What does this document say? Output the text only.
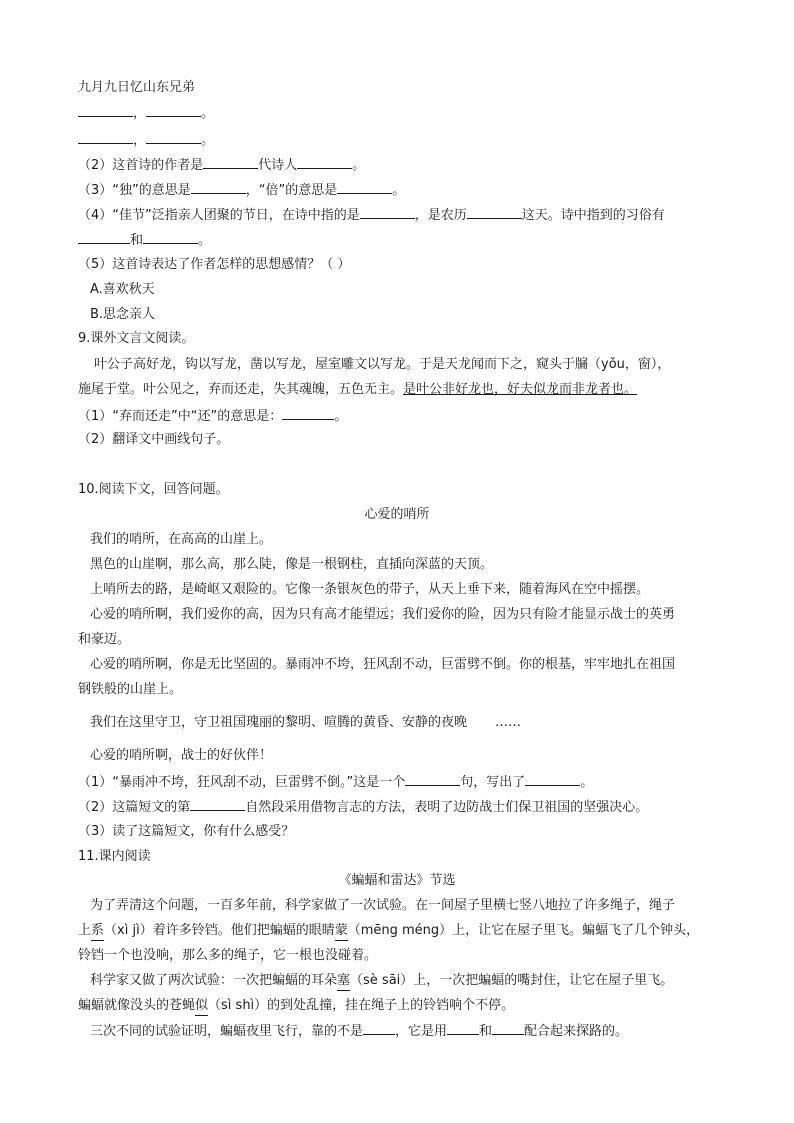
九月九日忆山东兄弟
，	。
，	。
（2）这首诗的作者是	代诗人	。
（3）“独”的意思是	，“倍”的意思是	。
（4）“佳节”泛指亲人团聚的节日，在诗中指的是	，是农历	这天。诗中指到的习俗有
和	。
（5）这首诗表达了作者怎样的思想感情？（ ）
A.喜欢秋天
B.思念亲人
9.课外文言文阅读。
叶公子高好龙，钩以写龙，凿以写龙，屋室雕文以写龙。于是天龙闻而下之，窥头于牖（yǒu，窗），
施尾于堂。叶公见之，弃而还走，失其魂魄，五色无主。是叶公非好龙也，好夫似龙而非龙者也。
（1）“弃而还走”中“还”的意思是：	。
（2）翻译文中画线句子。
10.阅读下文，回答问题。
心爱的哨所
我们的哨所，在高高的山崖上。
黑色的山崖啊，那么高，那么陡，像是一根钢柱，直插向深蓝的天顶。
上哨所去的路，是崎岖又艰险的。它像一条银灰色的带子，从天上垂下来，随着海风在空中摇摆。
心爱的哨所啊，我们爱你的高，因为只有高才能望远；我们爱你的险，因为只有险才能显示战士的英勇
和豪迈。
心爱的哨所啊，你是无比坚固的。暴雨冲不垮，狂风刮不动，巨雷劈不倒。你的根基，牢牢地扎在祖国
钢铁般的山崖上。
我们在这里守卫，守卫祖国瑰丽的黎明、喧腾的黄昏、安静的夜晚 ……
心爱的哨所啊，战士的好伙伴！
（1）“暴雨冲不垮，狂风刮不动，巨雷劈不倒。”这是一个	句，写出了	。
（2）这篇短文的第	自然段采用借物言志的方法，表明了边防战士们保卫祖国的坚强决心。
（3）读了这篇短文，你有什么感受？
11.课内阅读
《蝙蝠和雷达》节选
为了弄清这个问题，一百多年前，科学家做了一次试验。在一间屋子里横七竖八地拉了许多绳子，绳子
上系（xì jì）着许多铃铛。他们把蝙蝠的眼睛蒙（mēng méng）上，让它在屋子里飞。蝙蝠飞了几个钟头，
铃铛一个也没响，那么多的绳子，它一根也没碰着。
科学家又做了两次试验：一次把蝙蝠的耳朵塞（sè sāi）上，一次把蝙蝠的嘴封住，让它在屋子里飞。
蝙蝠就像没头的苍蝇似（sì shì）的到处乱撞，挂在绳子上的铃铛响个不停。
三次不同的试验证明，蝙蝠夜里飞行，靠的不是 ，它是用 和 配合起来探路的。
